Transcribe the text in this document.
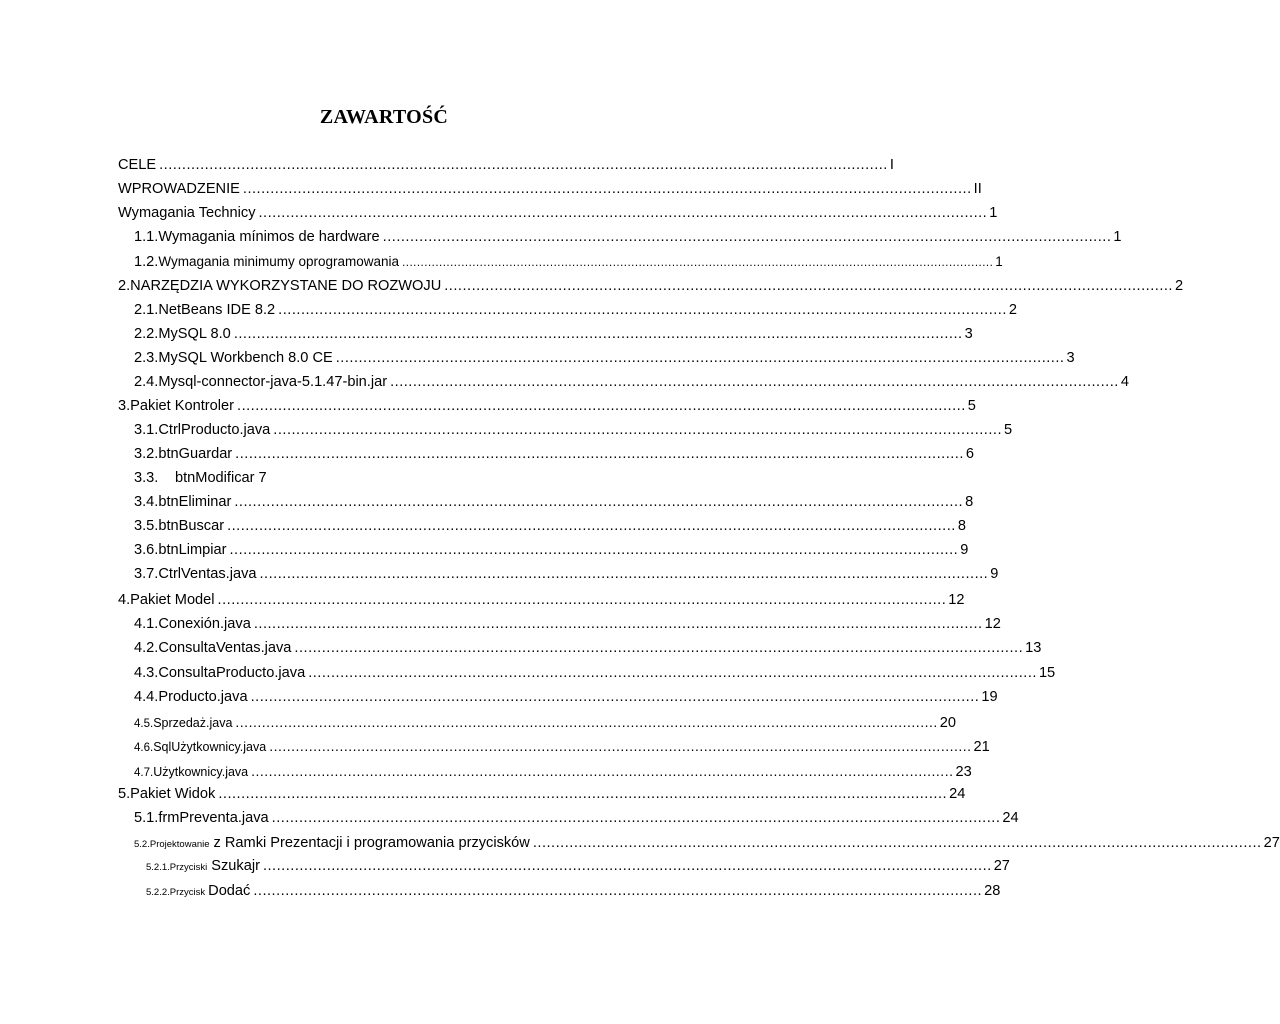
ZAWARTOŚĆ
CELE ................................................................................................................................................................ I
WPROWADZENIE ................................................................................................................................................................ II
Wymagania Technicy ................................................................................................................................................................ 1
1.1. Wymagania mínimos de hardware ................................................................................................................................................................ 1
1.2. Wymagania minimumy oprogramowania ................................................................................................................................................................ 1
2. NARZĘDZIA WYKORZYSTANE DO ROZWOJU ................................................................................................................................................................ 2
2.1. NetBeans IDE 8.2 ................................................................................................................................................................ 2
2.2. MySQL 8.0 ................................................................................................................................................................ 3
2.3. MySQL Workbench 8.0 CE ................................................................................................................................................................ 3
2.4. Mysql-connector-java-5.1.47-bin.ja r ................................................................................................................................................................ 4
3. Pakiet Kontroler ................................................................................................................................................................ 5
3.1. CtrlProducto.java ................................................................................................................................................................ 5
3.2. btnGuardar ................................................................................................................................................................ 6
3.3.	btnModificar 7
3.4. btnEliminar ................................................................................................................................................................ 8
3.5. btnBuscar ................................................................................................................................................................ 8
3.6. btnLimpiar ................................................................................................................................................................ 9
3.7. CtrlVentas.java ................................................................................................................................................................ 9
4. Pakiet Model ................................................................................................................................................................ 12
4.1. Conexión.java ................................................................................................................................................................ 12
4.2. ConsultaVentas.java ................................................................................................................................................................ 13
4.3. ConsultaProducto.java ................................................................................................................................................................ 15
4.4. Producto.java ................................................................................................................................................................ 19
4.5. Sprzedaż.java ................................................................................................................................................................ 20
4.6. SqlUżytkownicy.java ................................................................................................................................................................ 21
4.7. Użytkownicy.java ................................................................................................................................................................ 23
5. Pakiet Widok ................................................................................................................................................................ 24
5.1. frmPreventa.java ................................................................................................................................................................ 24
5.2. Projektowanie z Ramki Prezentacji i programowania przycisków ................................................................................................................................................................ 27
5.2.1. Przyciski Szukajr ................................................................................................................................................................ 27
5.2.2. Przycisk Dodać ................................................................................................................................................................ 28
